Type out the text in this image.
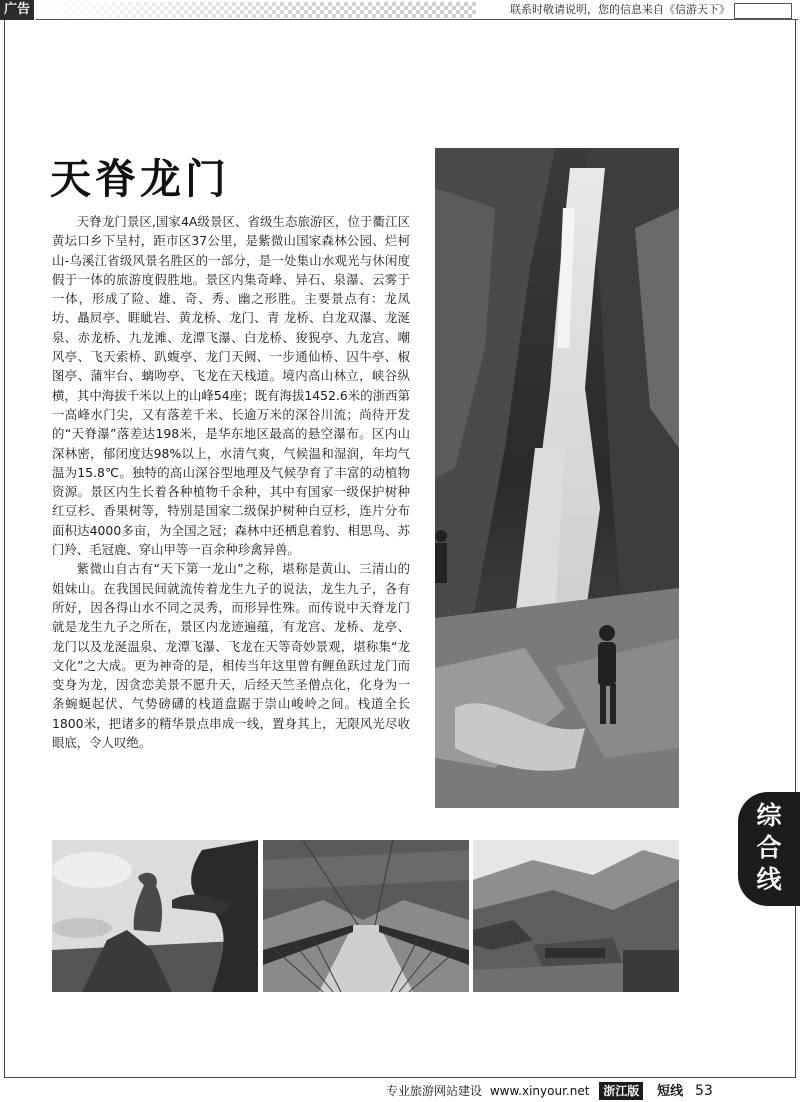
广告	联系时敬请说明，您的信息来自《信游天下》
天脊龙门

天脊龙门景区,国家4A级景区、省级生态旅游区，位于衢江区黄坛口乡下呈村，距市区37公里，是紫微山国家森林公园、烂柯山-乌溪江省级风景名胜区的一部分，是一处集山水观光与休闲度假于一体的旅游度假胜地。景区内集奇峰、异石、泉瀑、云雾于一体，形成了险、雄、奇、秀、幽之形胜。主要景点有：龙凤坊、贔屃亭、睚眦岩、黄龙桥、龙门、青 龙桥、白龙双瀑、龙涎泉、赤龙桥、九龙滩、龙潭飞瀑、白龙桥、狻猊亭、九龙宫、嘲风亭、飞天索桥、趴蝮亭、龙门天阙、一步通仙桥、囚牛亭、椒图亭、蒲牢台、螭吻亭、飞龙在天栈道。境内高山林立，峡谷纵横，其中海拔千米以上的山峰54座；既有海拔1452.6米的浙西第一高峰水门尖，又有落差千米、长逾万米的深谷川流；尚待开发的“天脊瀑”落差达198米，是华东地区最高的悬空瀑布。区内山深林密，郁闭度达98%以上，水清气爽，气候温和湿润，年均气温为15.8℃。独特的高山深谷型地理及气候孕育了丰富的动植物资源。景区内生长着各种植物千余种，其中有国家一级保护树种红豆杉、香果树等，特别是国家二级保护树种白豆杉，连片分布面积达4000多亩，为全国之冠；森林中还栖息着豹、相思鸟、苏门羚、毛冠鹿、穿山甲等一百余种珍禽异兽。

紫微山自古有“天下第一龙山”之称，堪称是黄山、三清山的姐妹山。在我国民间就流传着龙生九子的说法，龙生九子，各有所好，因各得山水不同之灵秀，而形异性殊。而传说中天脊龙门就是龙生九子之所在，景区内龙迹遍蕴，有龙宫、龙桥、龙亭、龙门以及龙涎温泉、龙潭飞瀑、飞龙在天等奇妙景观，堪称集“龙文化”之大成。更为神奇的是，相传当年这里曾有鲤鱼跃过龙门而变身为龙，因贪恋美景不愿升天，后经天竺圣僧点化，化身为一条蜿蜒起伏、气势磅礴的栈道盘踞于崇山峻岭之间。栈道全长1800米，把诸多的精华景点串成一线，置身其上，无限风光尽收眼底，令人叹绝。

综
合
线
专业旅游网站建设 www.xinyour.net 浙江版 短线 53
